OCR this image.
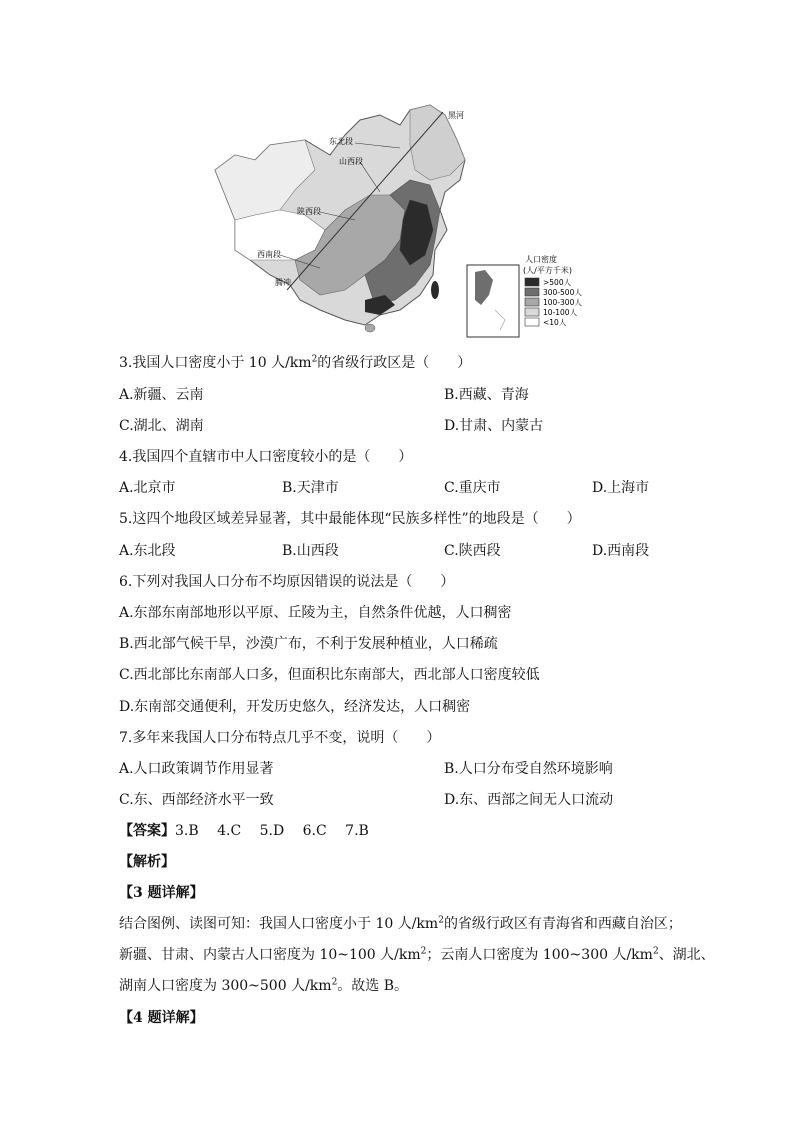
黑河
东北段
山西段
陕西段
西南段
腾冲
人口密度
(人/平方千米)
>500人
300-500人
100-300人
10-100人
<10人
3.我国人口密度小于 10 人$/km^2$的省级行政区是（　　）
A.新疆、云南	B.西藏、青海
C.湖北、湖南	D.甘肃、内蒙古
4.我国四个直辖市中人口密度较小的是（　　）
A.北京市	B.天津市	C.重庆市	D.上海市
5.这四个地段区域差异显著，其中最能体现“民族多样性”的地段是（　　）
A.东北段	B.山西段	C.陕西段	D.西南段
6.下列对我国人口分布不均原因错误的说法是（　　）
A.东部东南部地形以平原、丘陵为主，自然条件优越，人口稠密
B.西北部气候干旱，沙漠广布，不利于发展种植业，人口稀疏
C.西北部比东南部人口多，但面积比东南部大，西北部人口密度较低
D.东南部交通便利，开发历史悠久，经济发达，人口稠密
7.多年来我国人口分布特点几乎不变，说明（　　）
A.人口政策调节作用显著	B.人口分布受自然环境影响
C.东、西部经济水平一致	D.东、西部之间无人口流动
【答案】3.B　 4.C　 5.D　 6.C　 7.B
【解析】
【3 题详解】
结合图例、读图可知：我国人口密度小于 10 人$/km^2$的省级行政区有青海省和西藏自治区；
新疆、甘肃、内蒙古人口密度为 10~100 人$/km^2$；云南人口密度为 100~300 人$/km^2$、湖北、
湖南人口密度为 300~500 人$/km^2$。故选 B。
【4 题详解】
